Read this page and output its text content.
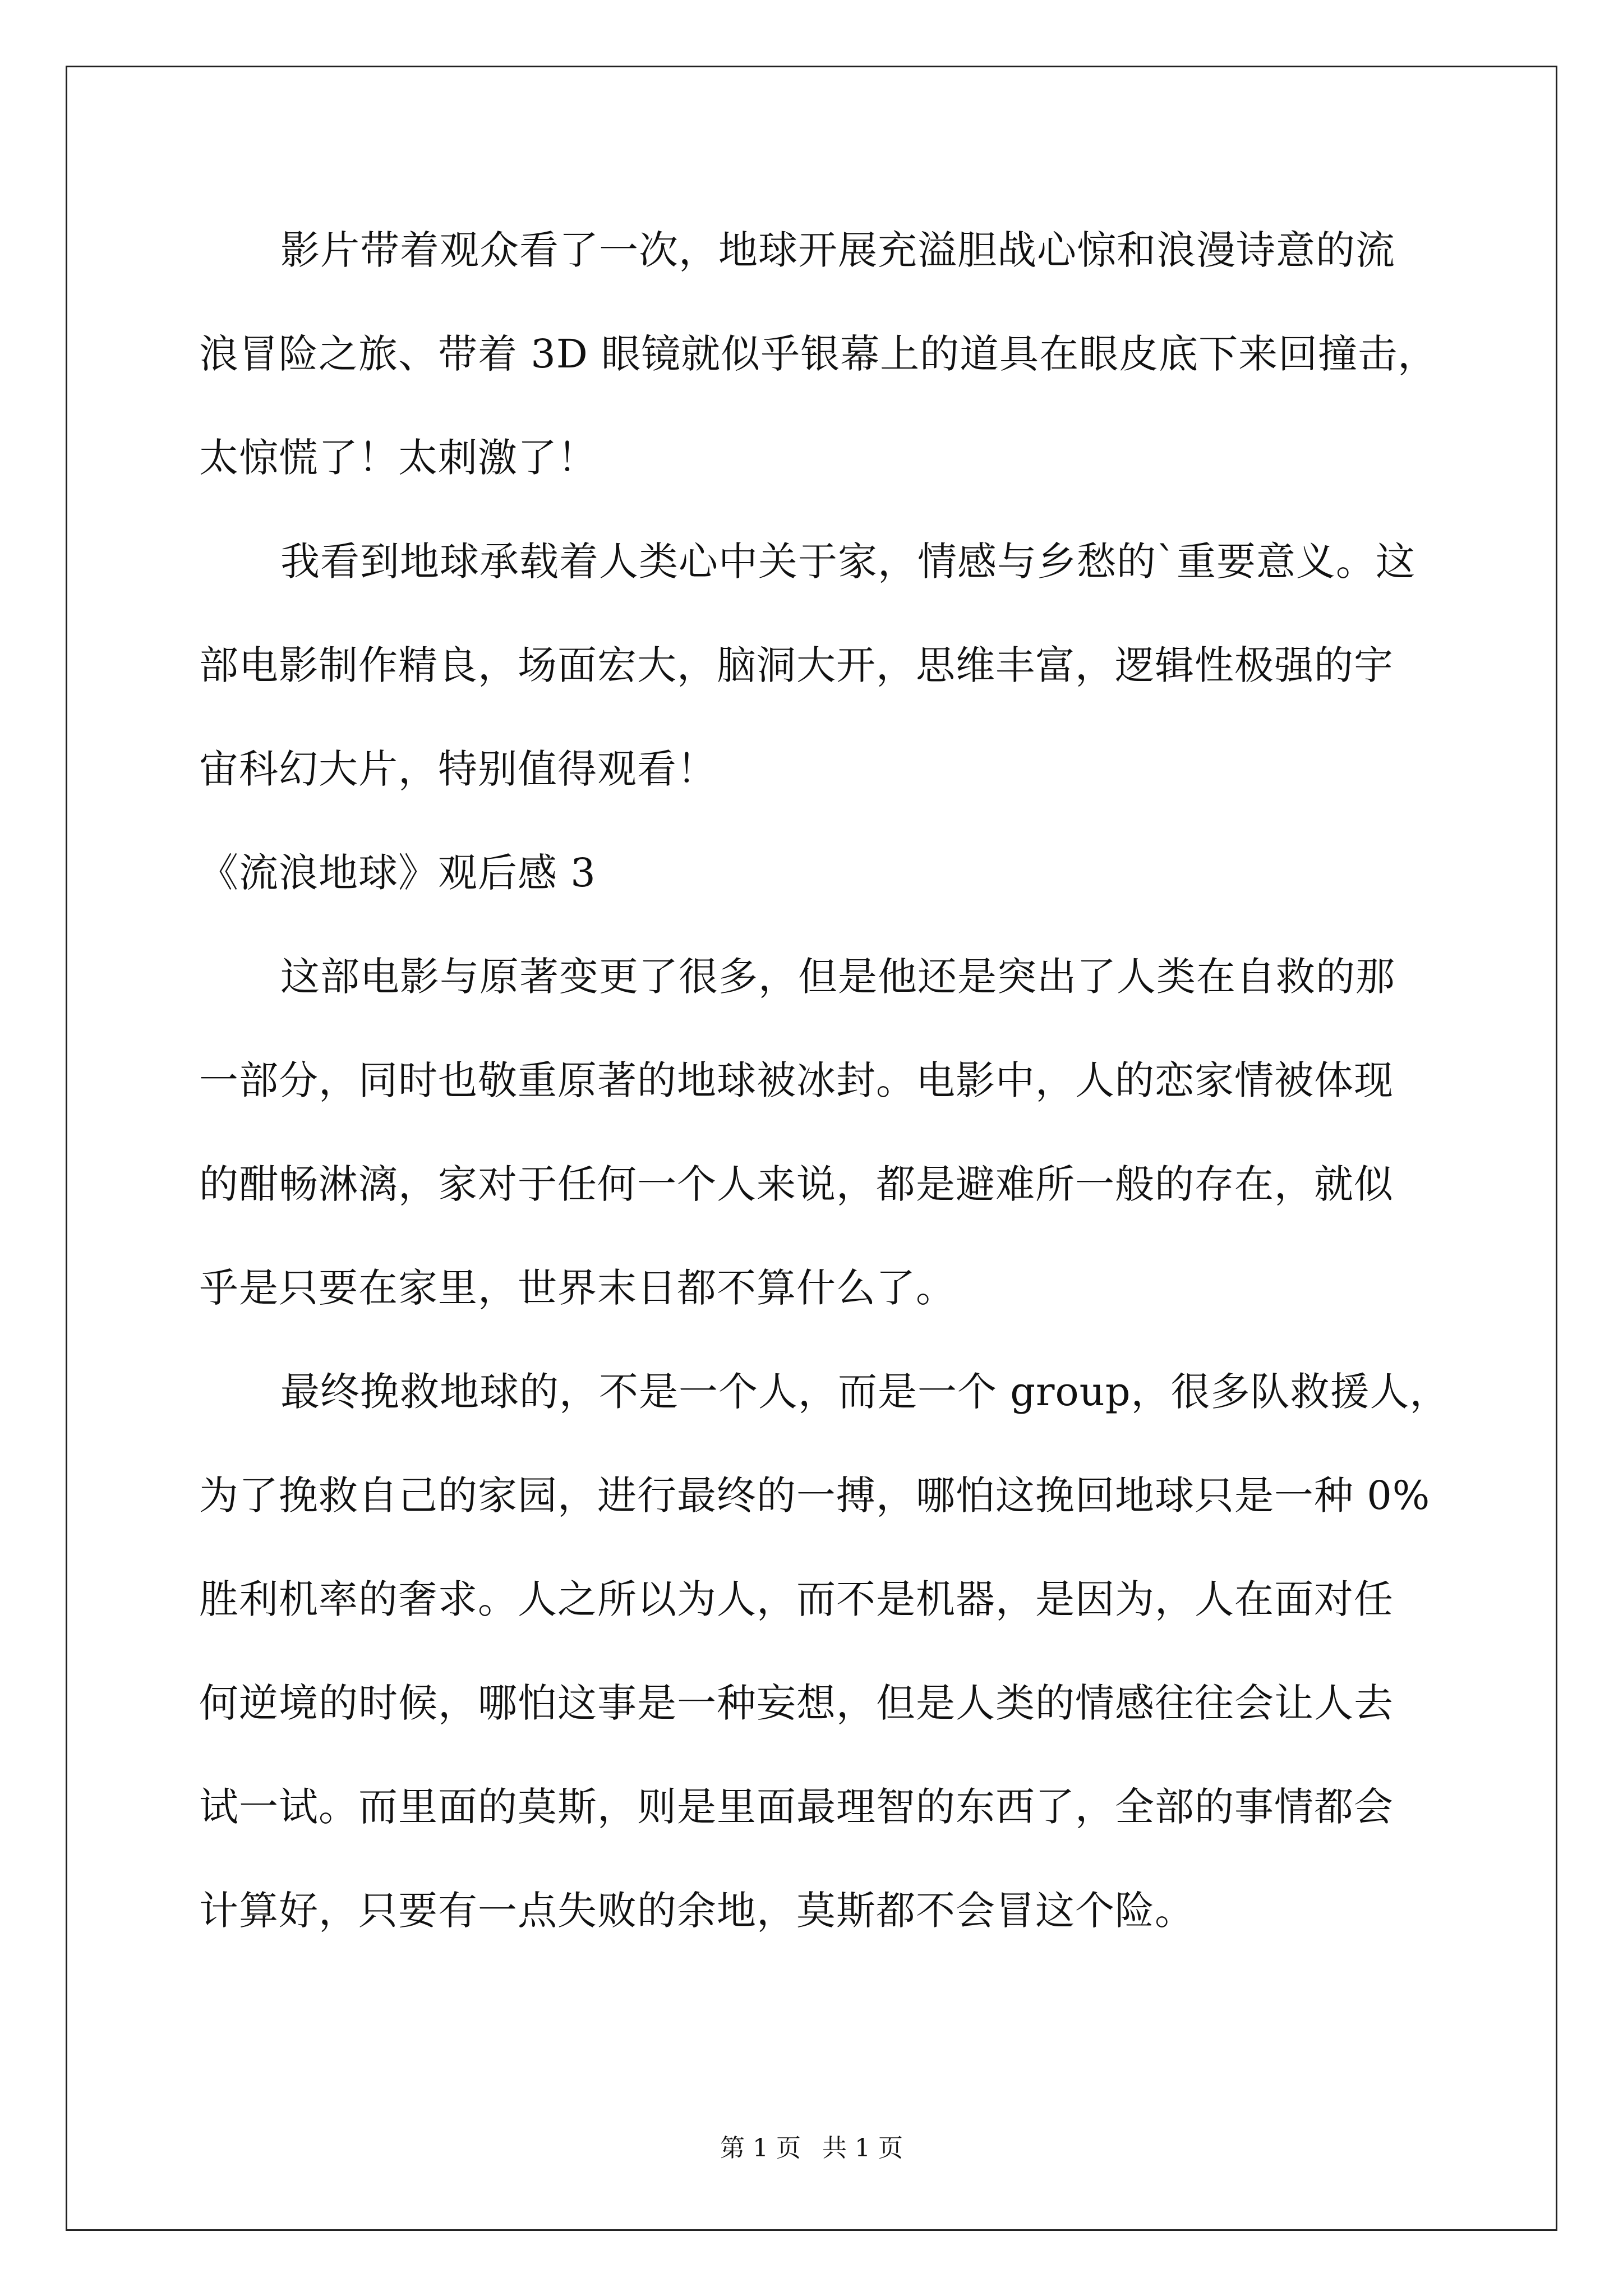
影片带着观众看了一次，地球开展充溢胆战心惊和浪漫诗意的流
浪冒险之旅、带着 3D 眼镜就似乎银幕上的道具在眼皮底下来回撞击，
太惊慌了！太刺激了！
我看到地球承载着人类心中关于家，情感与乡愁的`重要意义。这
部电影制作精良，场面宏大，脑洞大开，思维丰富，逻辑性极强的宇
宙科幻大片，特别值得观看！
《流浪地球》观后感 3
这部电影与原著变更了很多，但是他还是突出了人类在自救的那
一部分，同时也敬重原著的地球被冰封。电影中，人的恋家情被体现
的酣畅淋漓，家对于任何一个人来说，都是避难所一般的存在，就似
乎是只要在家里，世界末日都不算什么了。
最终挽救地球的，不是一个人，而是一个 group，很多队救援人，
为了挽救自己的家园，进行最终的一搏，哪怕这挽回地球只是一种 0%
胜利机率的奢求。人之所以为人，而不是机器，是因为，人在面对任
何逆境的时候，哪怕这事是一种妄想，但是人类的情感往往会让人去
试一试。而里面的莫斯，则是里面最理智的东西了，全部的事情都会
计算好，只要有一点失败的余地，莫斯都不会冒这个险。
第 1 页 共 1 页
